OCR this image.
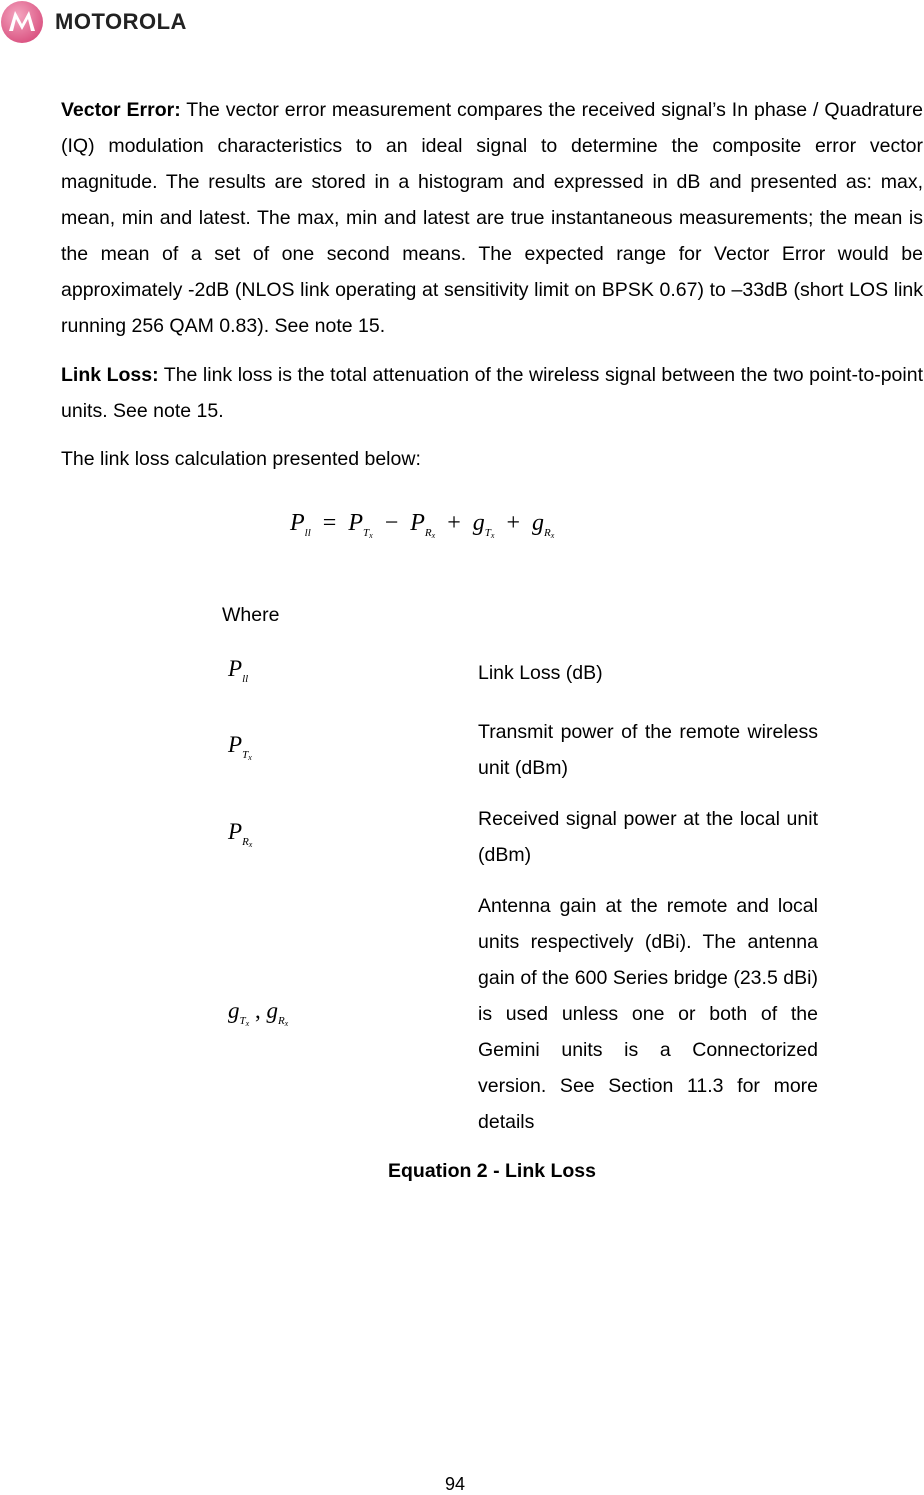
MOTOROLA

Vector Error: The vector error measurement compares the received signal’s In phase / Quadrature (IQ) modulation characteristics to an ideal signal to determine the composite error vector magnitude. The results are stored in a histogram and expressed in dB and presented as: max, mean, min and latest. The max, min and latest are true instantaneous measurements; the mean is the mean of a set of one second means. The expected range for Vector Error would be approximately -2dB (NLOS link operating at sensitivity limit on BPSK 0.67) to –33dB (short LOS link running 256 QAM 0.83). See note 15.

Link Loss: The link loss is the total attenuation of the wireless signal between the two point-to-point units. See note 15.

The link loss calculation presented below:

$P_{ll} = P_{T_x} - P_{R_x} + g_{T_x} + g_{R_x}$
Where
$P_{ll}$	Link Loss (dB)

$P_{T_x}$

Transmit power of the remote wireless unit (dBm)

$P_{R_x}$

Received signal power at the local unit (dBm)

$g_{T_x}$ , $g_{R_x}$

Antenna gain at the remote and local units respectively (dBi). The antenna gain of the 600 Series bridge (23.5 dBi) is used unless one or both of the Gemini units is a Connectorized version. See Section 11.3 for more details

Equation 2 - Link Loss
94
